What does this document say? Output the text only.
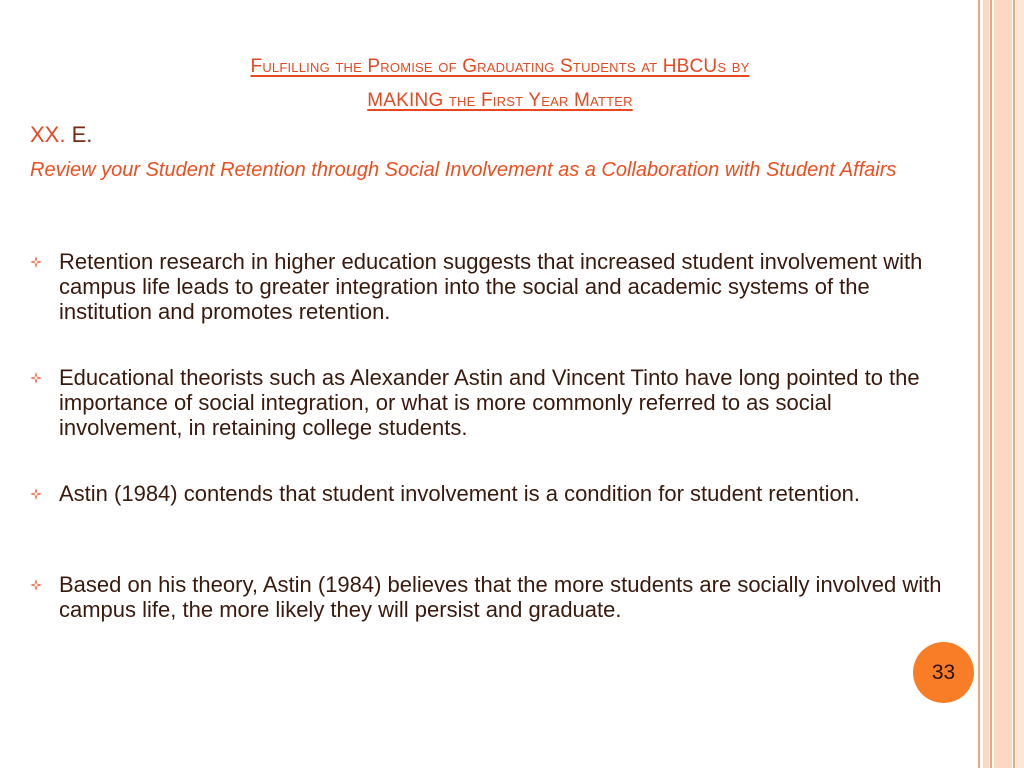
Fulfilling the Promise of Graduating Students at HBCUs by
MAKING the First Year Matter
XX. E.
Review your Student Retention through Social Involvement as a Collaboration with Student Affairs
Retention research in higher education suggests that increased student involvement with campus life leads to greater integration into the social and academic systems of the institution and promotes retention.
Educational theorists such as Alexander Astin and Vincent Tinto have long pointed to the importance of social integration, or what is more commonly referred to as social involvement, in retaining college students.
Astin (1984) contends that student involvement is a condition for student retention.
Based on his theory, Astin (1984) believes that the more students are socially involved with campus life, the more likely they will persist and graduate.
33
